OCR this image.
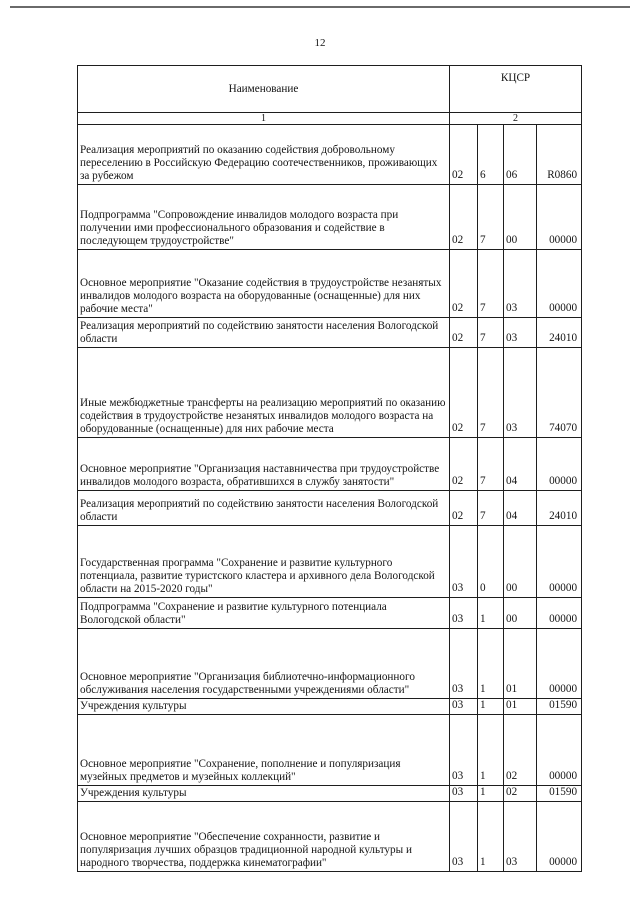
12
Наименование	КЦСР			
1	2			
Реализация мероприятий по оказанию содействия добровольному переселению в Российскую Федерацию соотечественников, проживающих за рубежом	02	6	06	R0860
Подпрограмма "Сопровождение инвалидов молодого возраста при получении ими профессионального образования и содействие в последующем трудоустройстве"	02	7	00	00000
Основное мероприятие "Оказание содействия в трудоустройстве незанятых инвалидов молодого возраста на оборудованные (оснащенные) для них рабочие места"	02	7	03	00000
Реализация мероприятий по содействию занятости населения Вологодской области	02	7	03	24010
Иные межбюджетные трансферты на реализацию мероприятий по оказанию содействия в трудоустройстве незанятых инвалидов молодого возраста на оборудованные (оснащенные) для них рабочие места	02	7	03	74070
Основное мероприятие "Организация наставничества при трудоустройстве инвалидов молодого возраста, обратившихся в службу занятости"	02	7	04	00000
Реализация мероприятий по содействию занятости населения Вологодской области	02	7	04	24010
Государственная программа "Сохранение и развитие культурного потенциала, развитие туристского кластера и архивного дела Вологодской области на 2015-2020 годы"	03	0	00	00000
Подпрограмма "Сохранение и развитие культурного потенциала Вологодской области"	03	1	00	00000
Основное мероприятие "Организация библиотечно-информационного обслуживания населения государственными учреждениями области"	03	1	01	00000
Учреждения культуры	03	1	01	01590
Основное мероприятие "Сохранение, пополнение и популяризация музейных предметов и музейных коллекций"	03	1	02	00000
Учреждения культуры	03	1	02	01590
Основное мероприятие "Обеспечение сохранности, развитие и популяризация лучших образцов традиционной народной культуры и народного творчества, поддержка кинематографии"	03	1	03	00000
